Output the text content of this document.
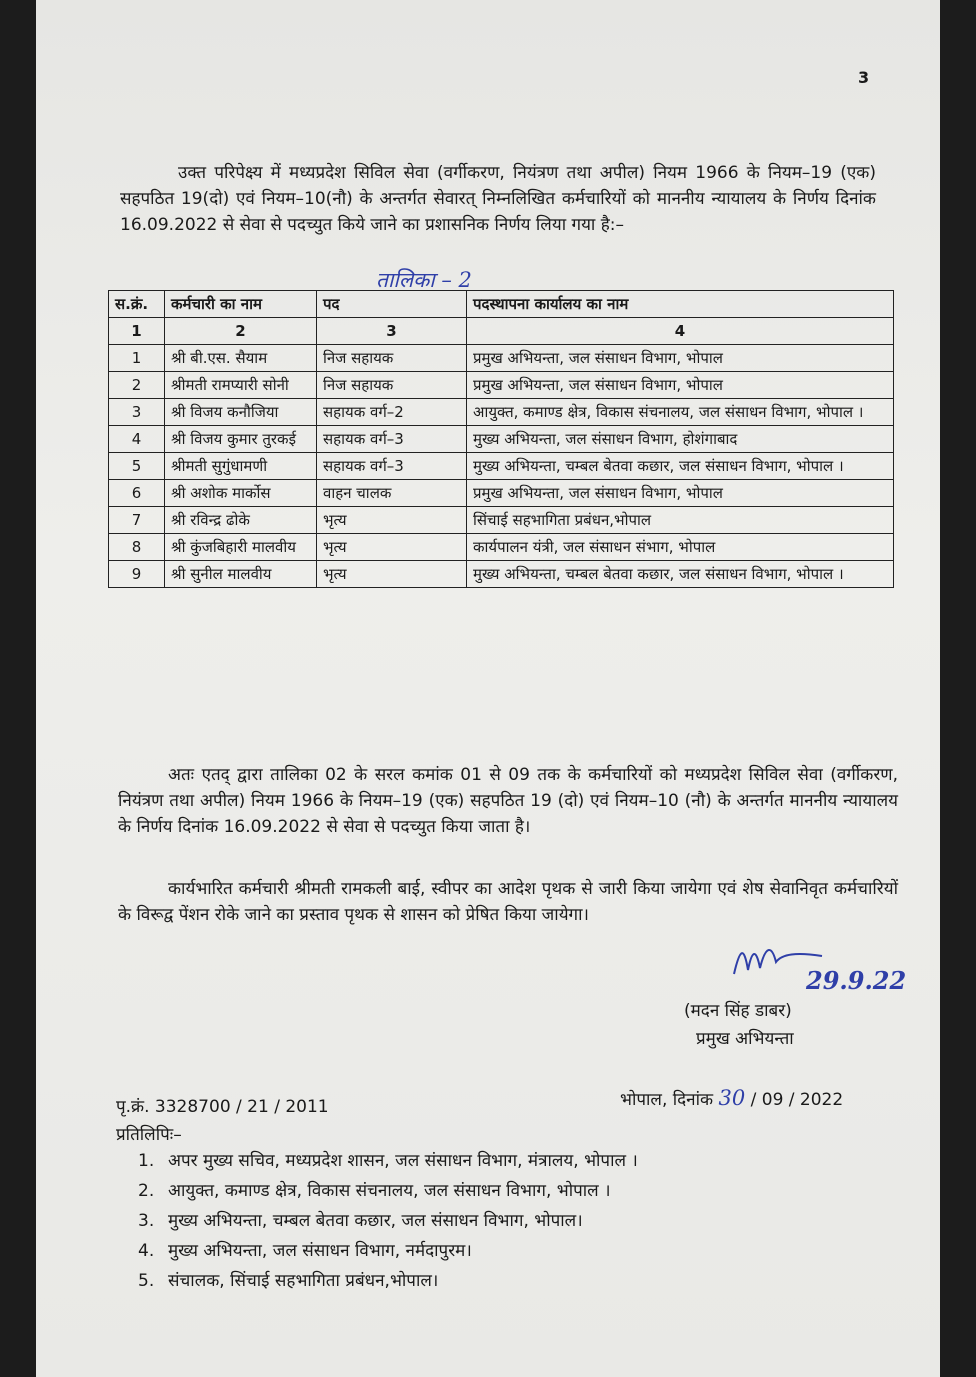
3

उक्त परिपेक्ष्य में मध्यप्रदेश सिविल सेवा (वर्गीकरण, नियंत्रण तथा अपील) नियम 1966 के नियम–19 (एक) सहपठित 19(दो) एवं नियम–10(नौ) के अन्तर्गत सेवारत् निम्नलिखित कर्मचारियों को माननीय न्यायालय के निर्णय दिनांक 16.09.2022 से सेवा से पदच्युत किये जाने का प्रशासनिक निर्णय लिया गया है:–

तालिका – 2
स.क्रं.	कर्मचारी का नाम	पद	पदस्थापना कार्यालय का नाम
1	2	3	4
1	श्री बी.एस. सैयाम	निज सहायक	प्रमुख अभियन्ता, जल संसाधन विभाग, भोपाल
2	श्रीमती रामप्यारी सोनी	निज सहायक	प्रमुख अभियन्ता, जल संसाधन विभाग, भोपाल
3	श्री विजय कनौजिया	सहायक वर्ग–2	आयुक्त, कमाण्ड क्षेत्र, विकास संचनालय, जल संसाधन विभाग, भोपाल ।
4	श्री विजय कुमार तुरकई	सहायक वर्ग–3	मुख्य अभियन्ता, जल संसाधन विभाग, होशंगाबाद
5	श्रीमती सुगुंधामणी	सहायक वर्ग–3	मुख्य अभियन्ता, चम्बल बेतवा कछार, जल संसाधन विभाग, भोपाल ।
6	श्री अशोक मार्कोस	वाहन चालक	प्रमुख अभियन्ता, जल संसाधन विभाग, भोपाल
7	श्री रविन्द्र ढोके	भृत्य	सिंचाई सहभागिता प्रबंधन,भोपाल
8	श्री कुंजबिहारी मालवीय	भृत्य	कार्यपालन यंत्री, जल संसाधन संभाग, भोपाल
9	श्री सुनील मालवीय	भृत्य	मुख्य अभियन्ता, चम्बल बेतवा कछार, जल संसाधन विभाग, भोपाल ।

अतः एतद् द्वारा तालिका 02 के सरल कमांक 01 से 09 तक के कर्मचारियों को मध्यप्रदेश सिविल सेवा (वर्गीकरण, नियंत्रण तथा अपील) नियम 1966 के नियम–19 (एक) सहपठित 19 (दो) एवं नियम–10 (नौ) के अन्तर्गत माननीय न्यायालय के निर्णय दिनांक 16.09.2022 से सेवा से पदच्युत किया जाता है।

कार्यभारित कर्मचारी श्रीमती रामकली बाई, स्वीपर का आदेश पृथक से जारी किया जायेगा एवं शेष सेवानिवृत कर्मचारियों के विरूद्व पेंशन रोके जाने का प्रस्ताव पृथक से शासन को प्रेषित किया जायेगा।

29.9.22
(मदन सिंह डाबर)
प्रमुख अभियन्ता
पृ.क्रं. 3328700 / 21 / 2011	भोपाल, दिनांक 30 / 09 / 2022
प्रतिलिपिः–
1. अपर मुख्य सचिव, मध्यप्रदेश शासन, जल संसाधन विभाग, मंत्रालय, भोपाल ।
2. आयुक्त, कमाण्ड क्षेत्र, विकास संचनालय, जल संसाधन विभाग, भोपाल ।
3. मुख्य अभियन्ता, चम्बल बेतवा कछार, जल संसाधन विभाग, भोपाल।
4. मुख्य अभियन्ता, जल संसाधन विभाग, नर्मदापुरम।
5. संचालक, सिंचाई सहभागिता प्रबंधन,भोपाल।
